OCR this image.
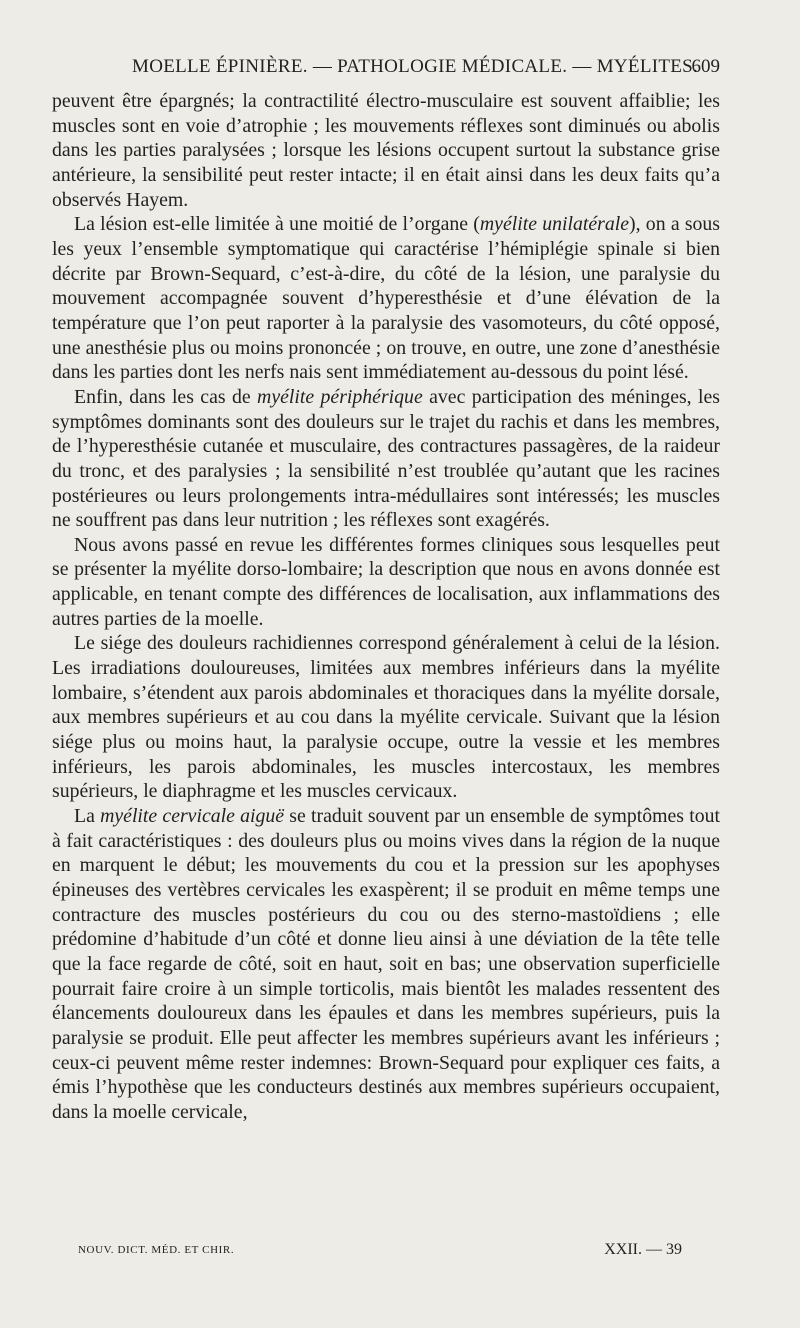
MOELLE ÉPINIÈRE. — PATHOLOGIE MÉDICALE. — MYÉLITES.
609

peuvent être épargnés; la contractilité électro-musculaire est souvent affaiblie; les muscles sont en voie d’atrophie ; les mouvements réflexes sont diminués ou abolis dans les parties paralysées ; lorsque les lésions occupent surtout la substance grise antérieure, la sensibilité peut rester intacte; il en était ainsi dans les deux faits qu’a observés Hayem.

La lésion est-elle limitée à une moitié de l’organe (myélite unilatérale), on a sous les yeux l’ensemble symptomatique qui caractérise l’hémiplégie spinale si bien décrite par Brown-Sequard, c’est-à-dire, du côté de la lésion, une paralysie du mouvement accompagnée souvent d’hyperesthésie et d’une élévation de la température que l’on peut raporter à la paralysie des vasomoteurs, du côté opposé, une anesthésie plus ou moins prononcée ; on trouve, en outre, une zone d’anesthésie dans les parties dont les nerfs nais sent immédiatement au-dessous du point lésé.

Enfin, dans les cas de myélite périphérique avec participation des méninges, les symptômes dominants sont des douleurs sur le trajet du rachis et dans les membres, de l’hyperesthésie cutanée et musculaire, des contractures passagères, de la raideur du tronc, et des paralysies ; la sensibilité n’est troublée qu’autant que les racines postérieures ou leurs prolongements intra-médullaires sont intéressés; les muscles ne souffrent pas dans leur nutrition ; les réflexes sont exagérés.

Nous avons passé en revue les différentes formes cliniques sous lesquelles peut se présenter la myélite dorso-lombaire; la description que nous en avons donnée est applicable, en tenant compte des différences de localisation, aux inflammations des autres parties de la moelle.

Le siége des douleurs rachidiennes correspond généralement à celui de la lésion. Les irradiations douloureuses, limitées aux membres inférieurs dans la myélite lombaire, s’étendent aux parois abdominales et thoraciques dans la myélite dorsale, aux membres supérieurs et au cou dans la myélite cervicale. Suivant que la lésion siége plus ou moins haut, la paralysie occupe, outre la vessie et les membres inférieurs, les parois abdominales, les muscles intercostaux, les membres supérieurs, le diaphragme et les muscles cervicaux.

La myélite cervicale aiguë se traduit souvent par un ensemble de symptômes tout à fait caractéristiques : des douleurs plus ou moins vives dans la région de la nuque en marquent le début; les mouvements du cou et la pression sur les apophyses épineuses des vertèbres cervicales les exaspèrent; il se produit en même temps une contracture des muscles postérieurs du cou ou des sterno-mastoïdiens ; elle prédomine d’habitude d’un côté et donne lieu ainsi à une déviation de la tête telle que la face regarde de côté, soit en haut, soit en bas; une observation superficielle pourrait faire croire à un simple torticolis, mais bientôt les malades ressentent des élancements douloureux dans les épaules et dans les membres supérieurs, puis la paralysie se produit. Elle peut affecter les membres supérieurs avant les inférieurs ; ceux-ci peuvent même rester indemnes: Brown-Sequard pour expliquer ces faits, a émis l’hypothèse que les conducteurs destinés aux membres supérieurs occupaient, dans la moelle cervicale,

NOUV. DICT. MÉD. ET CHIR.	XXII. — 39
